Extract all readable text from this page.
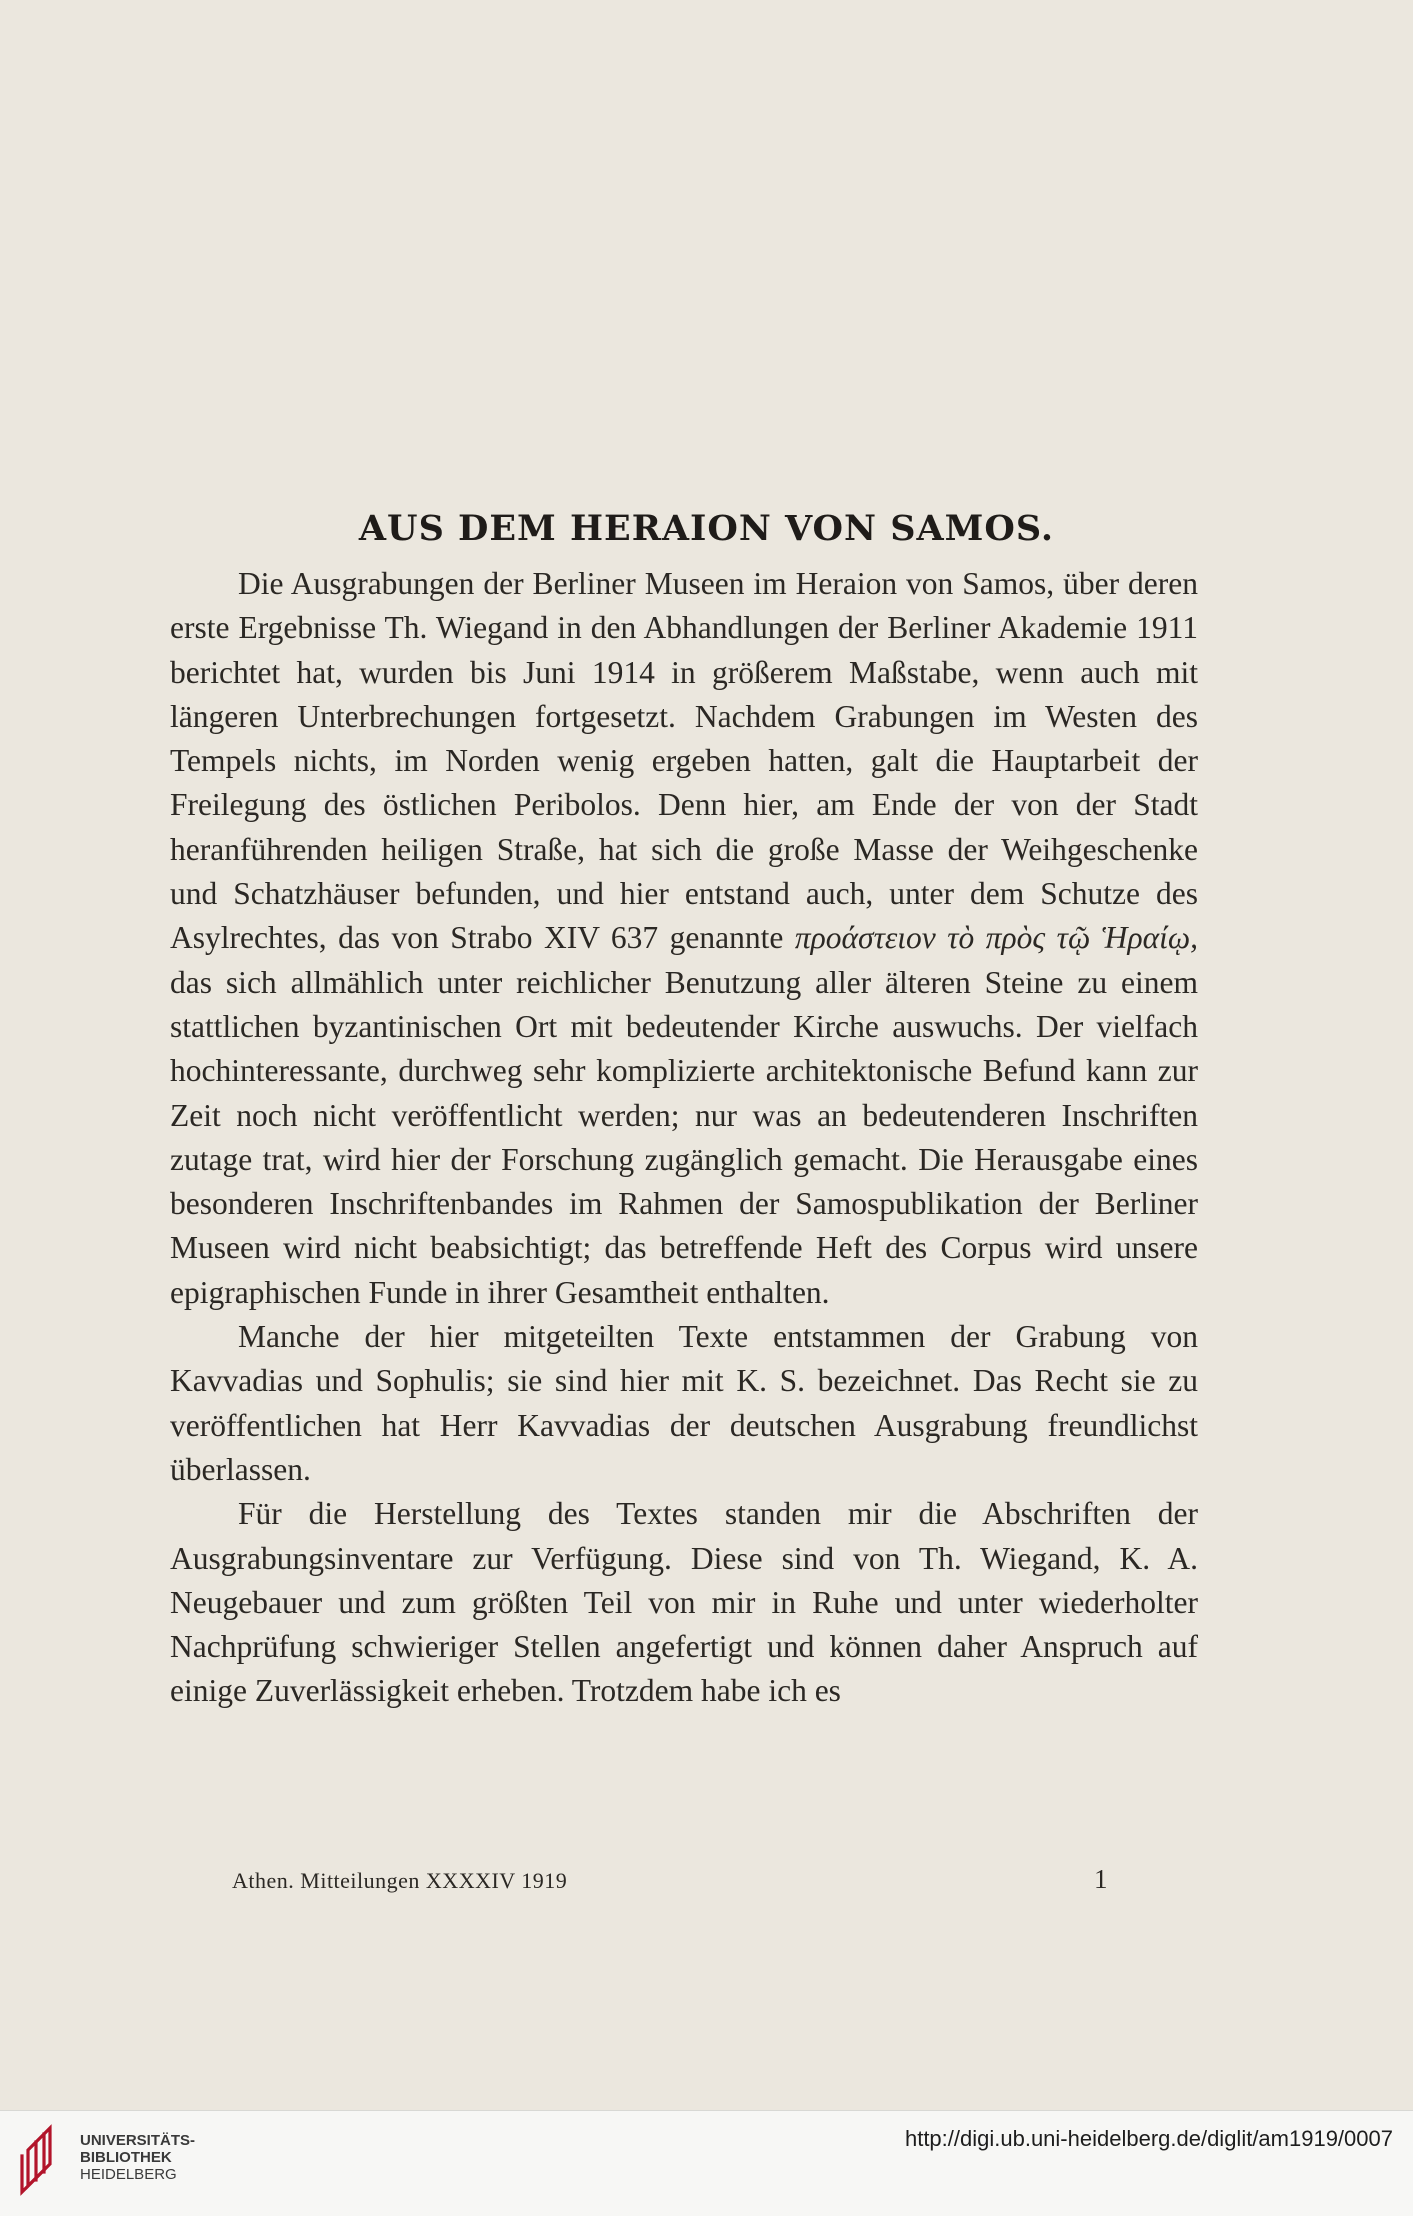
AUS DEM HERAION VON SAMOS.

Die Ausgrabungen der Berliner Museen im Heraion von Samos, über deren erste Ergebnisse Th. Wiegand in den Abhandlungen der Berliner Akademie 1911 berichtet hat, wurden bis Juni 1914 in größerem Maßstabe, wenn auch mit längeren Unterbrechungen fortgesetzt. Nachdem Grabungen im Westen des Tempels nichts, im Norden wenig ergeben hatten, galt die Hauptarbeit der Freilegung des östlichen Peribolos. Denn hier, am Ende der von der Stadt heranführenden heiligen Straße, hat sich die große Masse der Weihgeschenke und Schatzhäuser befunden, und hier entstand auch, unter dem Schutze des Asylrechtes, das von Strabo XIV 637 genannte προάστειον τὸ πρὸς τῷ Ἡραίῳ, das sich allmählich unter reichlicher Benutzung aller älteren Steine zu einem stattlichen byzantinischen Ort mit bedeutender Kirche auswuchs. Der vielfach hochinteressante, durchweg sehr komplizierte architektonische Befund kann zur Zeit noch nicht veröffentlicht werden; nur was an bedeutenderen Inschriften zutage trat, wird hier der Forschung zugänglich gemacht. Die Herausgabe eines besonderen Inschriftenbandes im Rahmen der Samospublikation der Berliner Museen wird nicht beabsichtigt; das betreffende Heft des Corpus wird unsere epigraphischen Funde in ihrer Gesamtheit enthalten.

Manche der hier mitgeteilten Texte entstammen der Grabung von Kavvadias und Sophulis; sie sind hier mit K. S. bezeichnet. Das Recht sie zu veröffentlichen hat Herr Kavvadias der deutschen Ausgrabung freundlichst überlassen.

Für die Herstellung des Textes standen mir die Abschriften der Ausgrabungsinventare zur Verfügung. Diese sind von Th. Wiegand, K. A. Neugebauer und zum größten Teil von mir in Ruhe und unter wiederholter Nachprüfung schwieriger Stellen angefertigt und können daher Anspruch auf einige Zuverlässigkeit erheben. Trotzdem habe ich es

Athen. Mitteilungen XXXXIV 1919	1
UNIVERSITÄTS-
BIBLIOTHEK
HEIDELBERG
http://digi.ub.uni-heidelberg.de/diglit/am1919/0007
